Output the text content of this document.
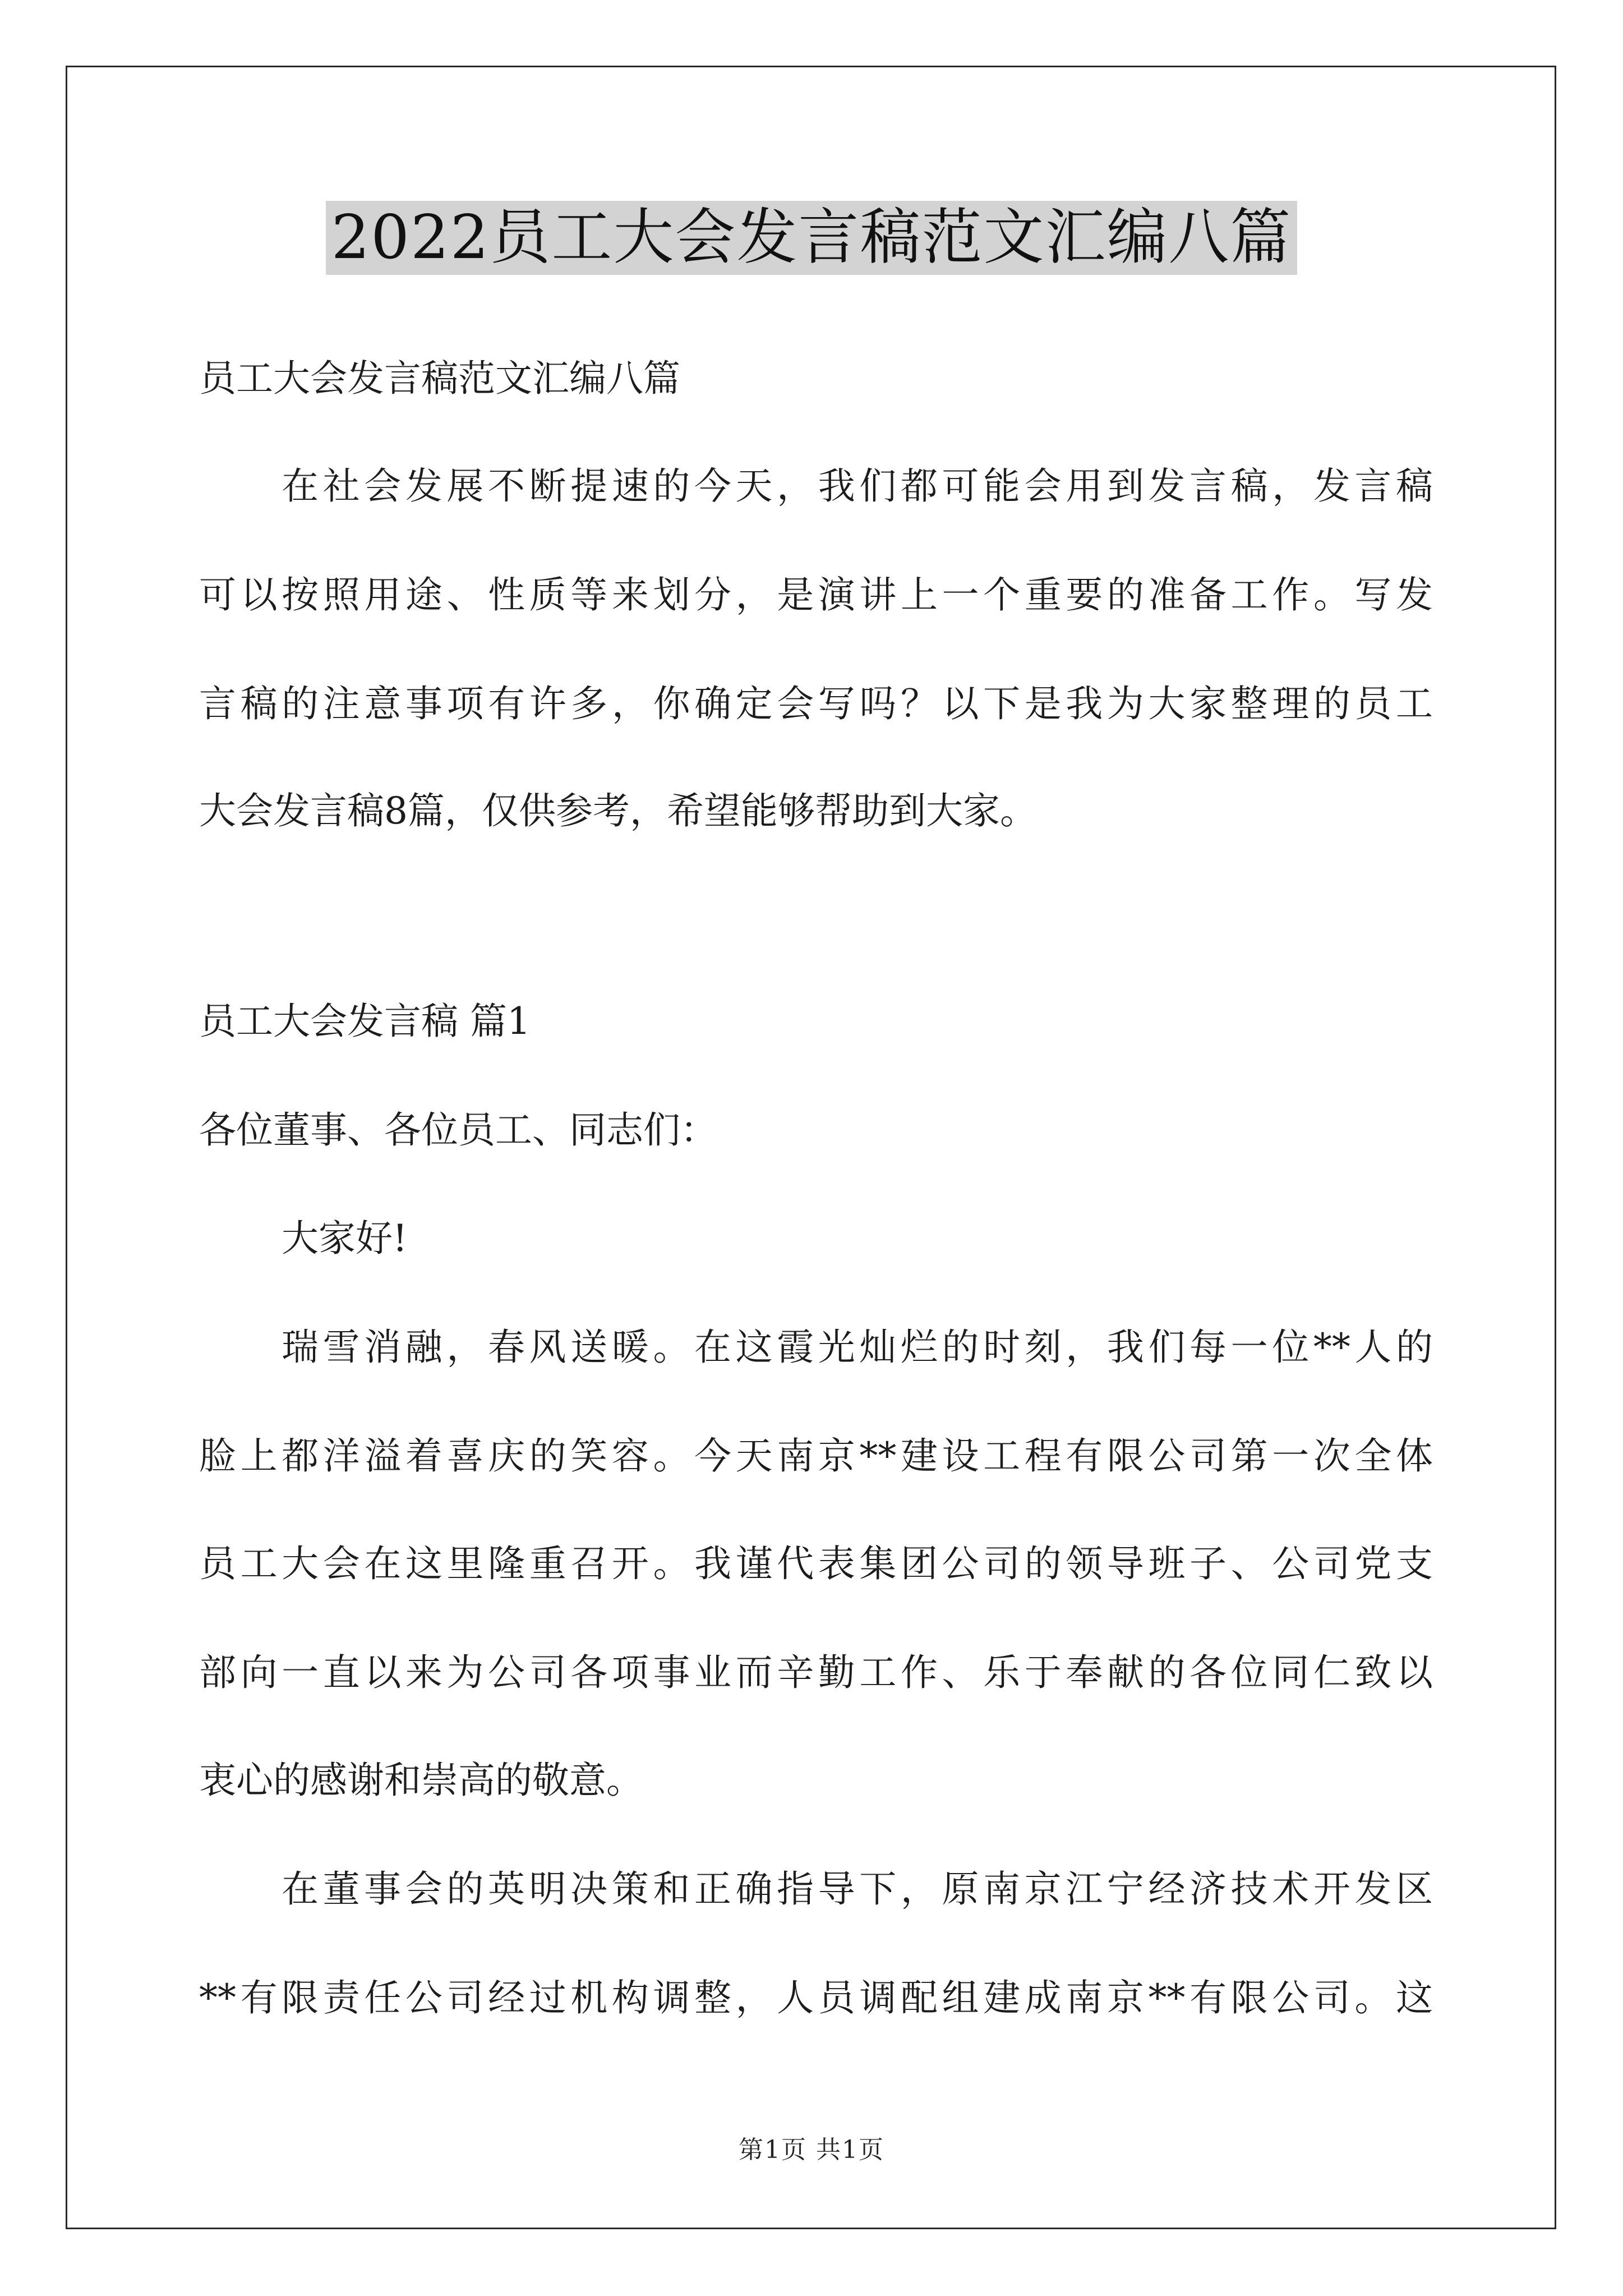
2022员工大会发言稿范文汇编八篇
员工大会发言稿范文汇编八篇
在社会发展不断提速的今天，我们都可能会用到发言稿，发言稿
可以按照用途、性质等来划分，是演讲上一个重要的准备工作。写发
言稿的注意事项有许多，你确定会写吗？以下是我为大家整理的员工
大会发言稿8篇，仅供参考，希望能够帮助到大家。
员工大会发言稿 篇1
各位董事、各位员工、同志们：
大家好!
瑞雪消融，春风送暖。在这霞光灿烂的时刻，我们每一位**人的
脸上都洋溢着喜庆的笑容。今天南京**建设工程有限公司第一次全体
员工大会在这里隆重召开。我谨代表集团公司的领导班子、公司党支
部向一直以来为公司各项事业而辛勤工作、乐于奉献的各位同仁致以
衷心的感谢和崇高的敬意。
在董事会的英明决策和正确指导下，原南京江宁经济技术开发区
**有限责任公司经过机构调整，人员调配组建成南京**有限公司。这
第1页 共1页
